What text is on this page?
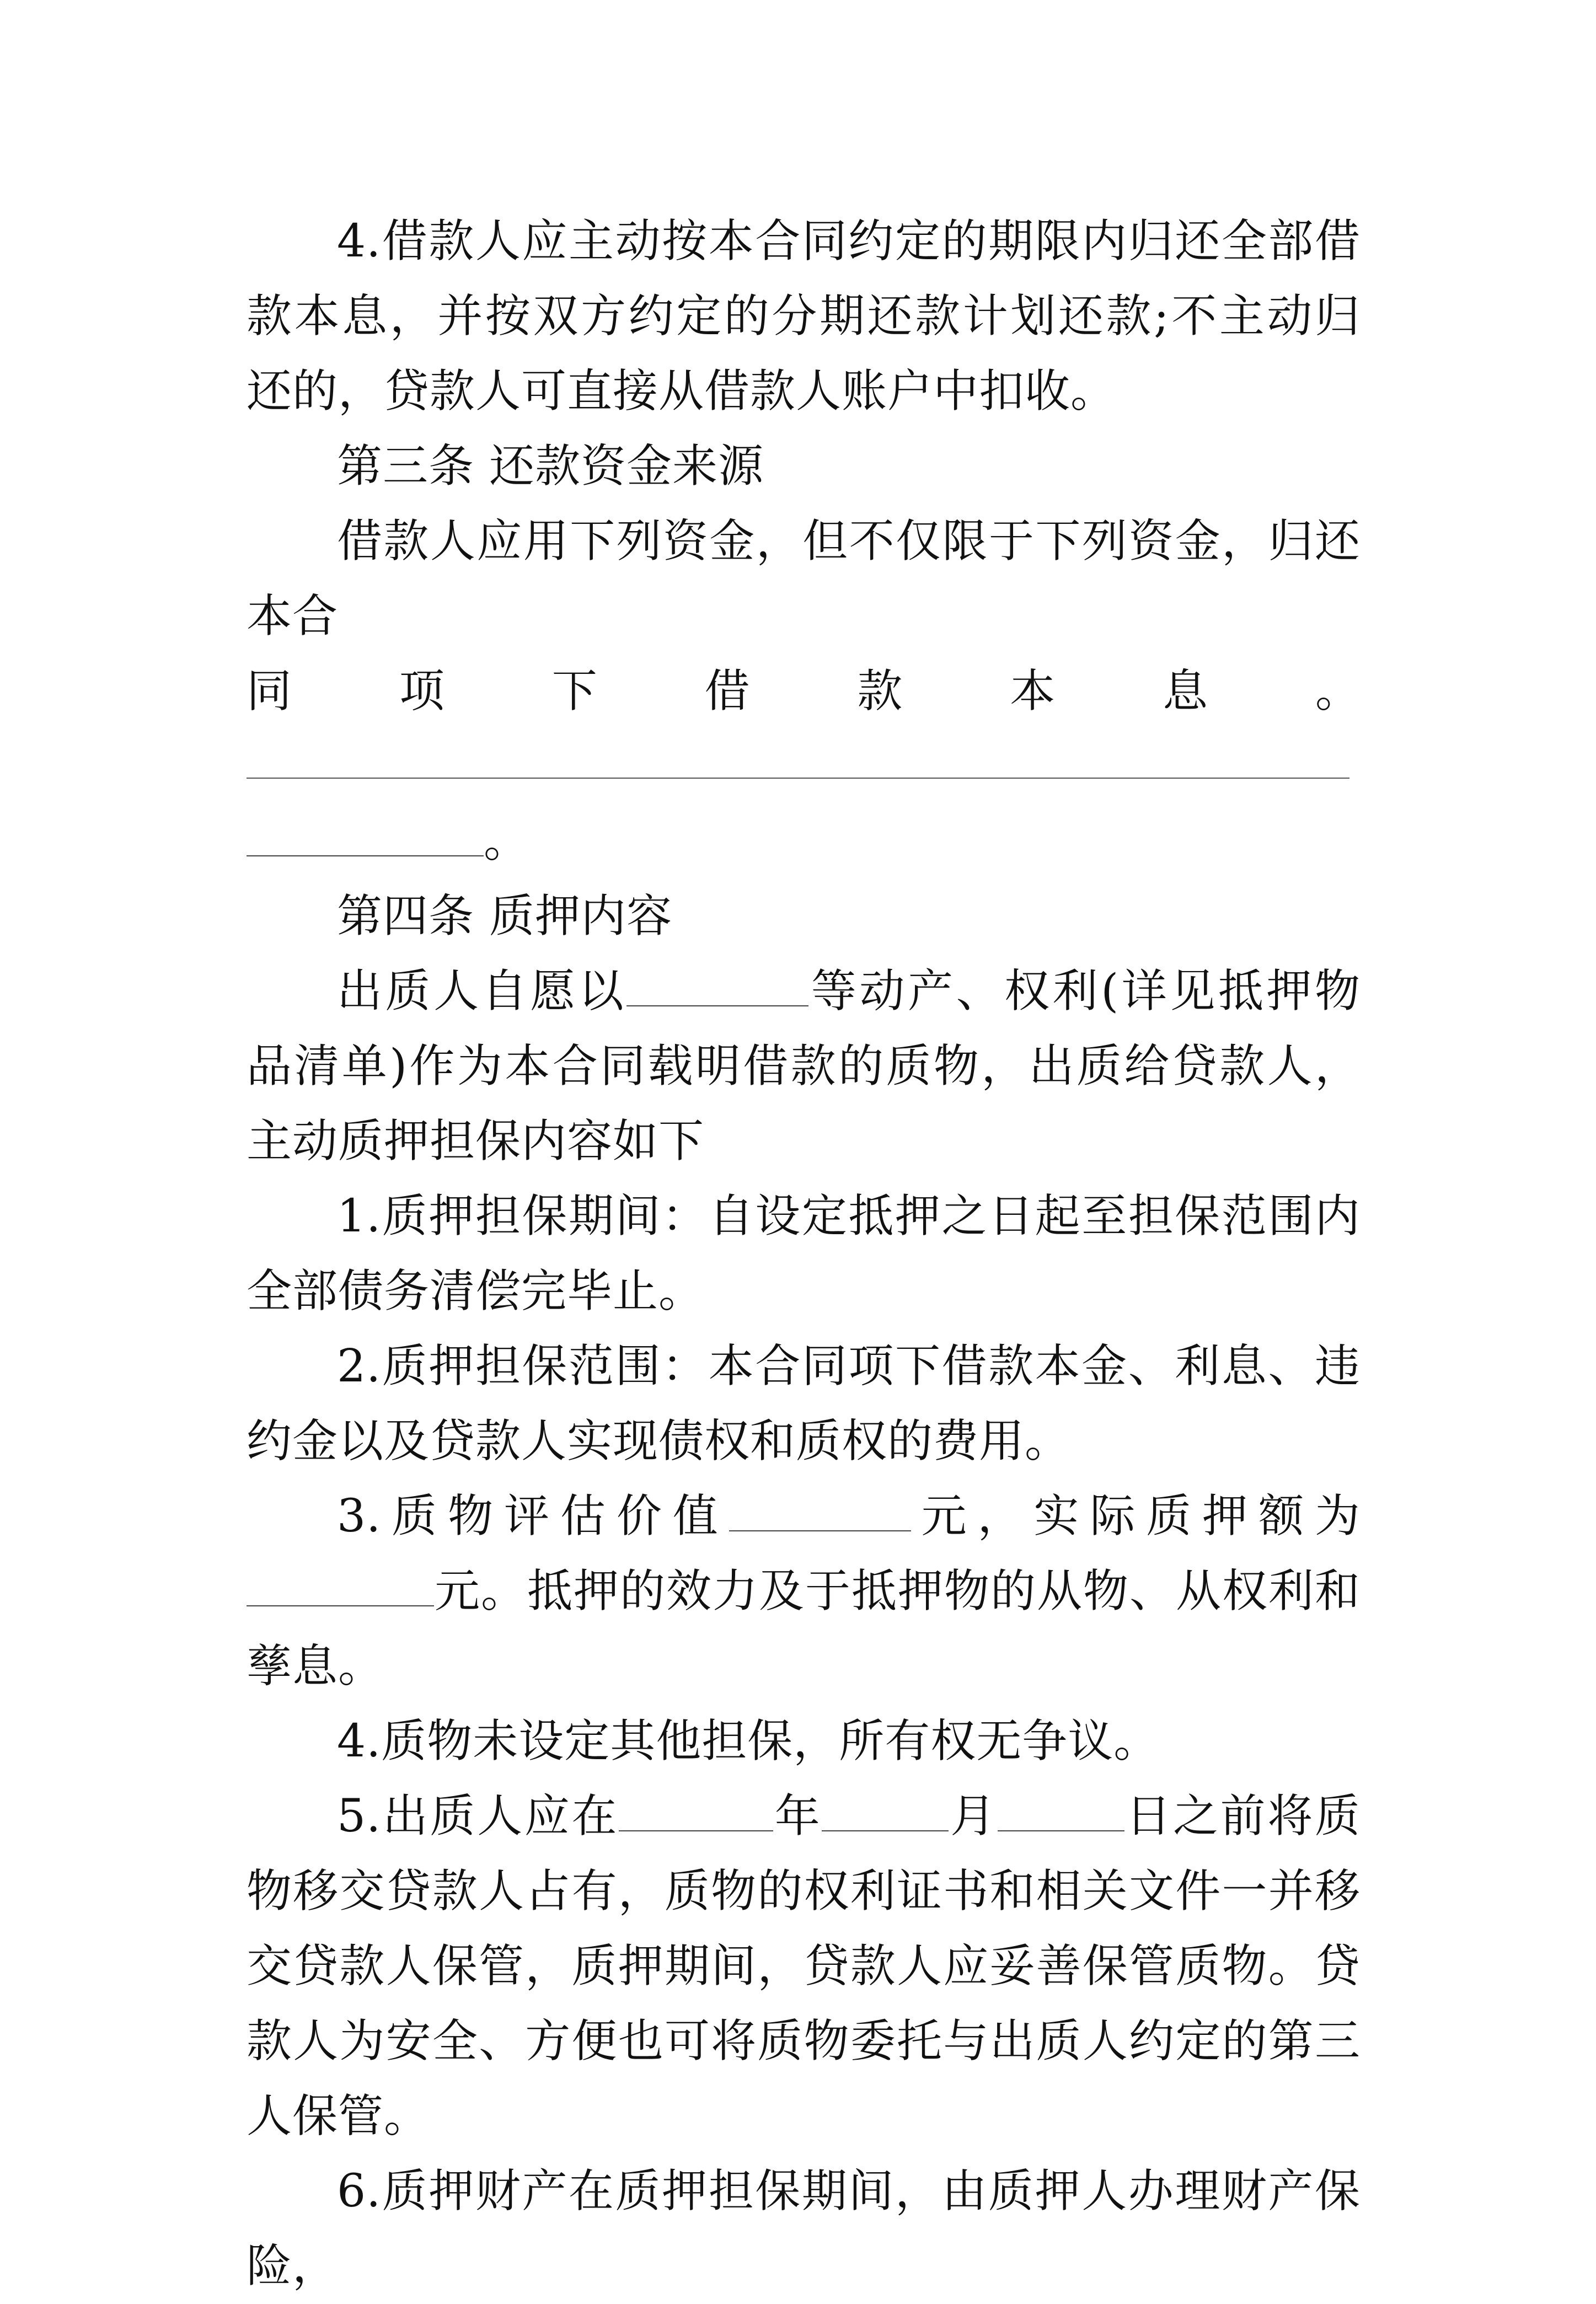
4.借款人应主动按本合同约定的期限内归还全部借款本息，并按双方约定的分期还款计划还款;不主动归还的，贷款人可直接从借款人账户中扣收。

第三条 还款资金来源

借款人应用下列资金，但不仅限于下列资金，归还本合

同 项 下 借 款 本 息 。

。

第四条 质押内容

出质人自愿以	等动产、权利(详见抵押物品清单)作为本合同载明借款的质物，出质给贷款人，主动质押担保内容如下

1.质押担保期间：自设定抵押之日起至担保范围内全部债务清偿完毕止。

2.质押担保范围：本合同项下借款本金、利息、违约金以及贷款人实现债权和质权的费用。

3.质物评估价值	元，实际质押额为元。抵押的效力及于抵押物的从物、从权利和孳息。

4.质物未设定其他担保，所有权无争议。

5.出质人应在	年	月	日之前将质物移交贷款人占有，质物的权利证书和相关文件一并移交贷款人保管，质押期间，贷款人应妥善保管质物。贷款人为安全、方便也可将质物委托与出质人约定的第三人保管。

6.质押财产在质押担保期间，由质押人办理财产保险，
